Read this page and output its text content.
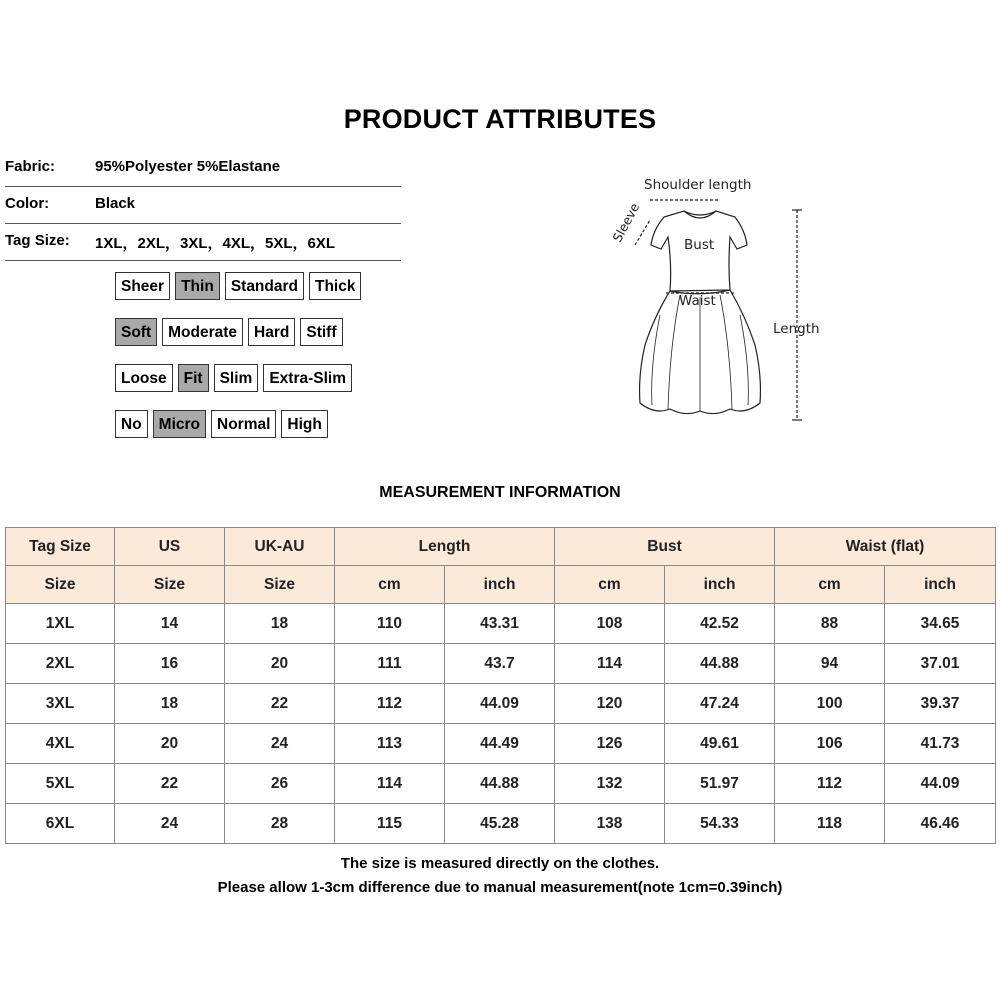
PRODUCT ATTRIBUTES
Fabric:	95%Polyester 5%Elastane
Color:	Black
Tag Size: 1XL，2XL，3XL，4XL，5XL，6XL
Sheer	Thin	Standard	Thick
Soft	Moderate	Hard	Stiff
Loose	Fit	Slim	Extra-Slim
No	Micro	Normal	High
Shoulder length
Sleeve
Bust
Waist
Length
MEASUREMENT INFORMATION
Tag Size	US	UK-AU	Length		Bust		Waist (flat)	
Size	Size	Size	cm	inch	cm	inch	cm	inch
1XL	14	18	110	43.31	108	42.52	88	34.65
2XL	16	20	111	43.7	114	44.88	94	37.01
3XL	18	22	112	44.09	120	47.24	100	39.37
4XL	20	24	113	44.49	126	49.61	106	41.73
5XL	22	26	114	44.88	132	51.97	112	44.09
6XL	24	28	115	45.28	138	54.33	118	46.46
The size is measured directly on the clothes.
Please allow 1-3cm difference due to manual measurement(note 1cm=0.39inch)
